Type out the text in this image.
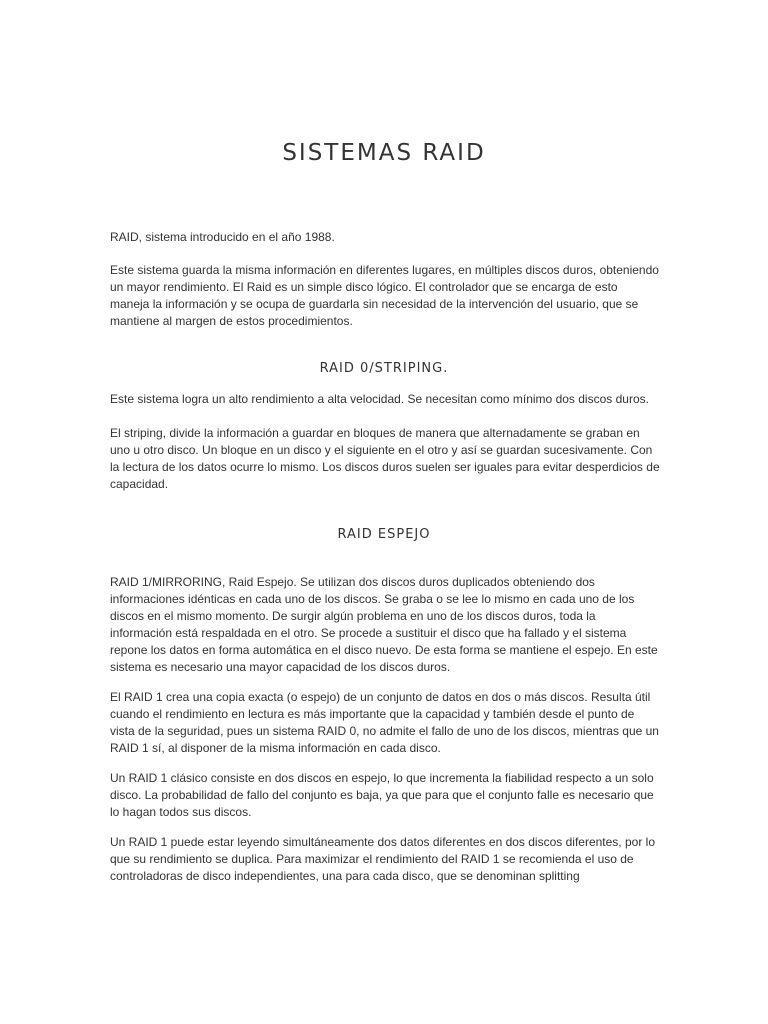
SISTEMAS RAID

RAID, sistema introducido en el año 1988.

Este sistema guarda la misma información en diferentes lugares, en múltiples discos duros, obteniendo un mayor rendimiento. El Raid es un simple disco lógico. El controlador que se encarga de esto maneja la información y se ocupa de guardarla sin necesidad de la intervención del usuario, que se mantiene al margen de estos procedimientos.

RAID 0/STRIPING.

Este sistema logra un alto rendimiento a alta velocidad. Se necesitan como mínimo dos discos duros.

El striping, divide la información a guardar en bloques de manera que alternadamente se graban en uno u otro disco. Un bloque en un disco y el siguiente en el otro y así se guardan sucesivamente. Con la lectura de los datos ocurre lo mismo. Los discos duros suelen ser iguales para evitar desperdicios de capacidad.

RAID ESPEJO

RAID 1/MIRRORING, Raid Espejo. Se utilizan dos discos duros duplicados obteniendo dos informaciones idénticas en cada uno de los discos. Se graba o se lee lo mismo en cada uno de los discos en el mismo momento. De surgir algún problema en uno de los discos duros, toda la información está respaldada en el otro. Se procede a sustituir el disco que ha fallado y el sistema repone los datos en forma automática en el disco nuevo. De esta forma se mantiene el espejo. En este sistema es necesario una mayor capacidad de los discos duros.

El RAID 1 crea una copia exacta (o espejo) de un conjunto de datos en dos o más discos. Resulta útil cuando el rendimiento en lectura es más importante que la capacidad y también desde el punto de vista de la seguridad, pues un sistema RAID 0, no admite el fallo de uno de los discos, mientras que un RAID 1 sí, al disponer de la misma información en cada disco.

Un RAID 1 clásico consiste en dos discos en espejo, lo que incrementa la fiabilidad respecto a un solo disco. La probabilidad de fallo del conjunto es baja, ya que para que el conjunto falle es necesario que lo hagan todos sus discos.

Un RAID 1 puede estar leyendo simultáneamente dos datos diferentes en dos discos diferentes, por lo que su rendimiento se duplica. Para maximizar el rendimiento del RAID 1 se recomienda el uso de controladoras de disco independientes, una para cada disco, que se denominan splitting
